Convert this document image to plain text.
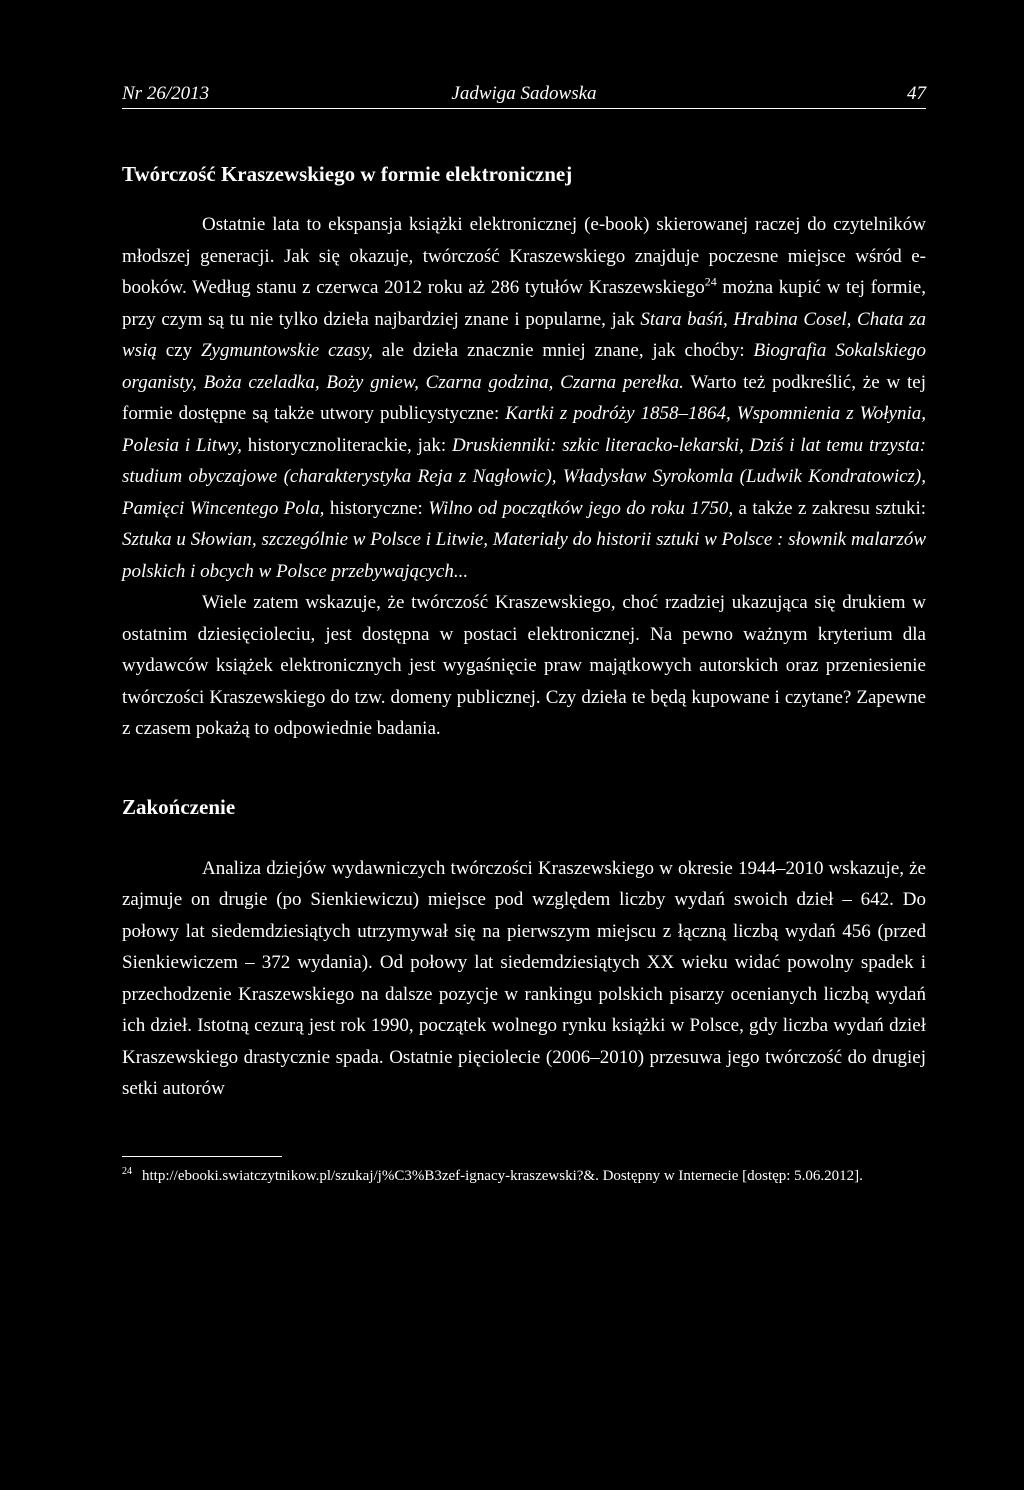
Nr 26/2013	Jadwiga Sadowska	47
Twórczość Kraszewskiego w formie elektronicznej

Ostatnie lata to ekspansja książki elektronicznej (e-book) skierowanej raczej do czytelników młodszej generacji. Jak się okazuje, twórczość Kraszewskiego znajduje poczesne miejsce wśród e-booków. Według stanu z czerwca 2012 roku aż 286 tytułów Kraszewskiego$^{24}$ można kupić w tej formie, przy czym są tu nie tylko dzieła najbardziej znane i popularne, jak Stara baśń, Hrabina Cosel, Chata za wsią czy Zygmuntowskie czasy, ale dzieła znacznie mniej znane, jak choćby: Biografia Sokalskiego organisty, Boża czeladka, Boży gniew, Czarna godzina, Czarna perełka. Warto też podkreślić, że w tej formie dostępne są także utwory publicystyczne: Kartki z podróży 1858–1864, Wspomnienia z Wołynia, Polesia i Litwy, historycznoliterackie, jak: Druskienniki: szkic literacko-lekarski, Dziś i lat temu trzysta: studium obyczajowe (charakterystyka Reja z Nagłowic), Władysław Syrokomla (Ludwik Kondratowicz), Pamięci Wincentego Pola, historyczne: Wilno od początków jego do roku 1750, a także z zakresu sztuki: Sztuka u Słowian, szczególnie w Polsce i Litwie, Materiały do historii sztuki w Polsce : słownik malarzów polskich i obcych w Polsce przebywających...

Wiele zatem wskazuje, że twórczość Kraszewskiego, choć rzadziej ukazująca się drukiem w ostatnim dziesięcioleciu, jest dostępna w postaci elektronicznej. Na pewno ważnym kryterium dla wydawców książek elektronicznych jest wygaśnięcie praw majątkowych autorskich oraz przeniesienie twórczości Kraszewskiego do tzw. domeny publicznej. Czy dzieła te będą kupowane i czytane? Zapewne z czasem pokażą to odpowiednie badania.

Zakończenie

Analiza dziejów wydawniczych twórczości Kraszewskiego w okresie 1944–2010 wskazuje, że zajmuje on drugie (po Sienkiewiczu) miejsce pod względem liczby wydań swoich dzieł – 642. Do połowy lat siedemdziesiątych utrzymywał się na pierwszym miejscu z łączną liczbą wydań 456 (przed Sienkiewiczem – 372 wydania). Od połowy lat siedemdziesiątych XX wieku widać powolny spadek i przechodzenie Kraszewskiego na dalsze pozycje w rankingu polskich pisarzy ocenianych liczbą wydań ich dzieł. Istotną cezurą jest rok 1990, początek wolnego rynku książki w Polsce, gdy liczba wydań dzieł Kraszewskiego drastycznie spada. Ostatnie pięciolecie (2006–2010) przesuwa jego twórczość do drugiej setki autorów

$^{24}$ http://ebooki.swiatczytnikow.pl/szukaj/j%C3%B3zef-ignacy-kraszewski?&. Dostępny w Internecie [dostęp: 5.06.2012].
